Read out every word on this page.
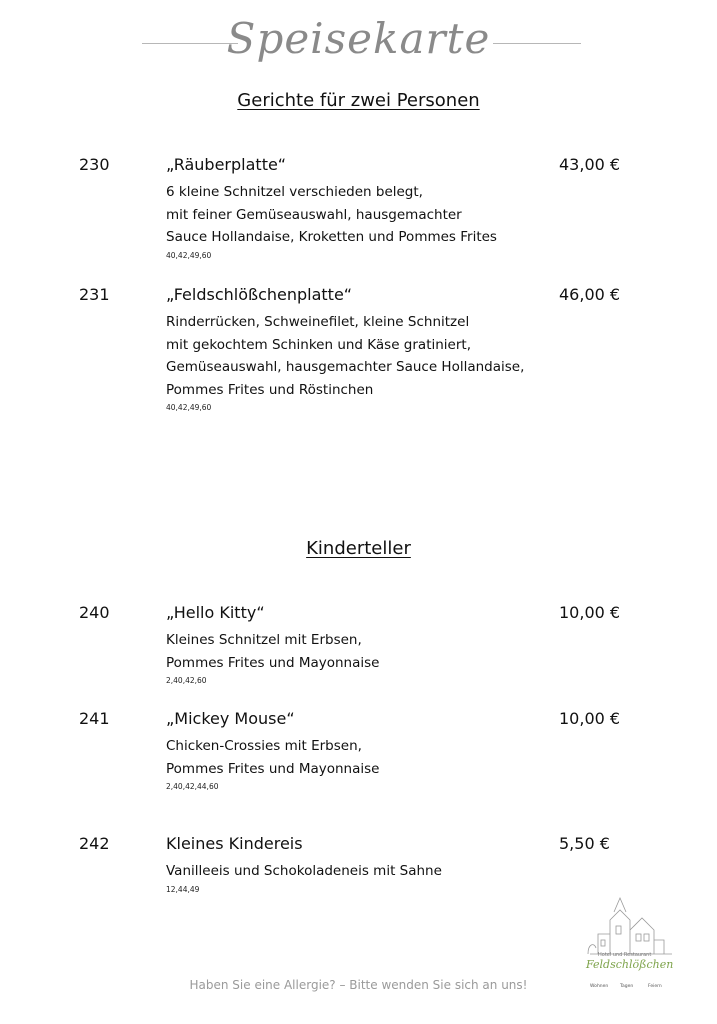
Speisekarte
Gerichte für zwei Personen
230	„Räuberplatte“	43,00 €
6 kleine Schnitzel verschieden belegt,
mit feiner Gemüseauswahl, hausgemachter
Sauce Hollandaise, Kroketten und Pommes Frites
40,42,49,60
231	„Feldschlößchenplatte“	46,00 €
Rinderrücken, Schweinefilet, kleine Schnitzel
mit gekochtem Schinken und Käse gratiniert,
Gemüseauswahl, hausgemachter Sauce Hollandaise,
Pommes Frites und Röstinchen
40,42,49,60
Kinderteller
240	„Hello Kitty“	10,00 €
Kleines Schnitzel mit Erbsen,
Pommes Frites und Mayonnaise
2,40,42,60
241	„Mickey Mouse“	10,00 €
Chicken-Crossies mit Erbsen,
Pommes Frites und Mayonnaise
2,40,42,44,60
242	Kleines Kindereis	5,50 €
Vanilleeis und Schokoladeneis mit Sahne
12,44,49
Hotel und Restaurant
Feldschlößchen
Wohnen	Tagen	Feiern
Haben Sie eine Allergie? – Bitte wenden Sie sich an uns!
